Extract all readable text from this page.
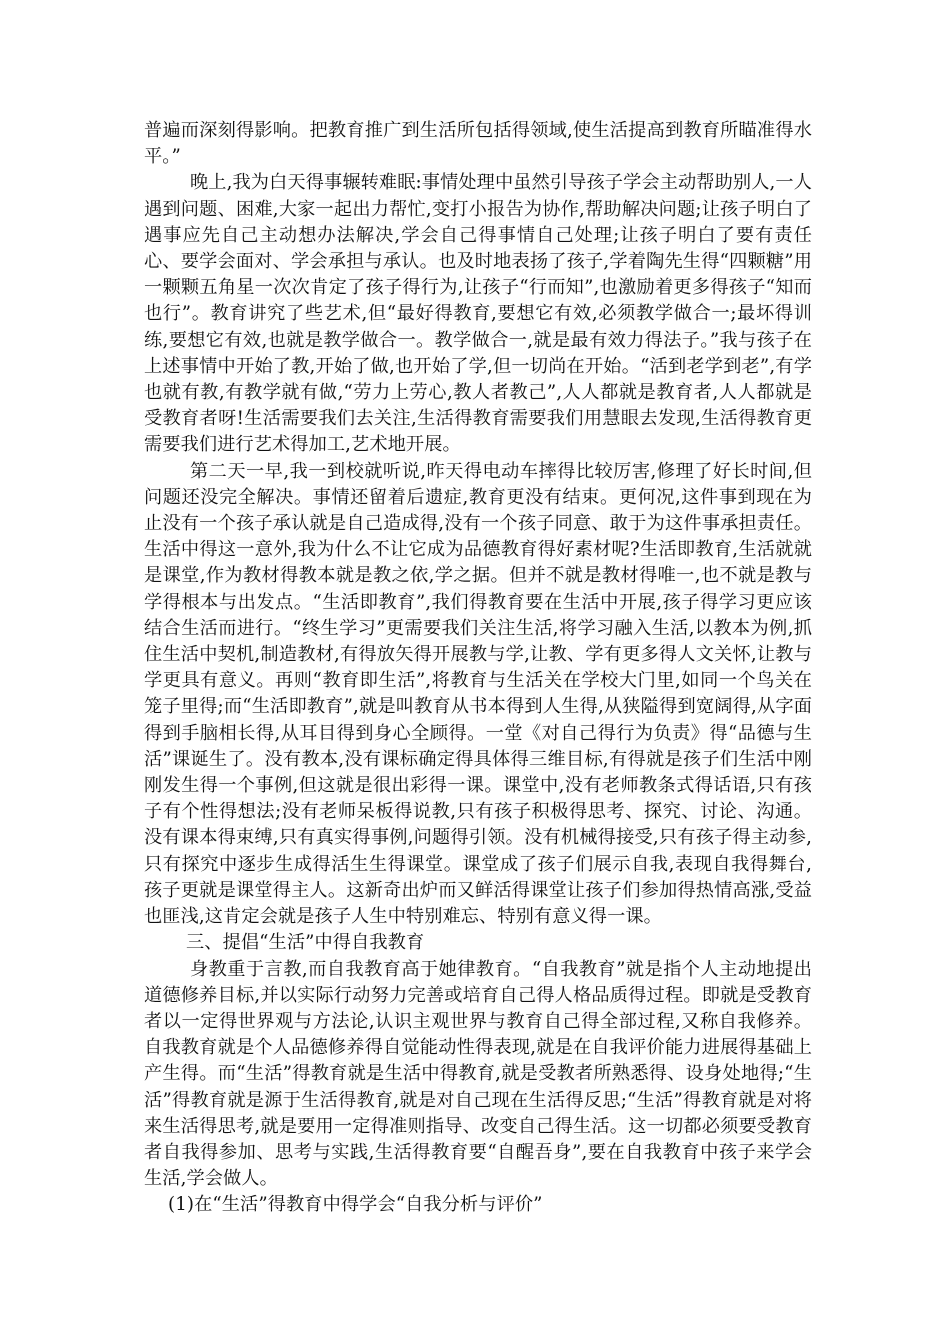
普遍而深刻得影响。把教育推广到生活所包括得领域,使生活提高到教育所瞄准得水平。”

晚上,我为白天得事辗转难眠:事情处理中虽然引导孩子学会主动帮助别人,一人遇到问题、困难,大家一起出力帮忙,变打小报告为协作,帮助解决问题;让孩子明白了遇事应先自己主动想办法解决,学会自己得事情自己处理;让孩子明白了要有责任心、要学会面对、学会承担与承认。也及时地表扬了孩子,学着陶先生得“四颗糖”用一颗颗五角星一次次肯定了孩子得行为,让孩子“行而知”,也激励着更多得孩子“知而也行”。教育讲究了些艺术,但“最好得教育,要想它有效,必须教学做合一;最坏得训练,要想它有效,也就是教学做合一。教学做合一,就是最有效力得法子。”我与孩子在上述事情中开始了教,开始了做,也开始了学,但一切尚在开始。“活到老学到老”,有学也就有教,有教学就有做,“劳力上劳心,教人者教己”,人人都就是教育者,人人都就是受教育者呀!生活需要我们去关注,生活得教育需要我们用慧眼去发现,生活得教育更需要我们进行艺术得加工,艺术地开展。

第二天一早,我一到校就听说,昨天得电动车摔得比较厉害,修理了好长时间,但问题还没完全解决。事情还留着后遗症,教育更没有结束。更何况,这件事到现在为止没有一个孩子承认就是自己造成得,没有一个孩子同意、敢于为这件事承担责任。生活中得这一意外,我为什么不让它成为品德教育得好素材呢?生活即教育,生活就就是课堂,作为教材得教本就是教之依,学之据。但并不就是教材得唯一,也不就是教与学得根本与出发点。“生活即教育”,我们得教育要在生活中开展,孩子得学习更应该结合生活而进行。“终生学习”更需要我们关注生活,将学习融入生活,以教本为例,抓住生活中契机,制造教材,有得放矢得开展教与学,让教、学有更多得人文关怀,让教与学更具有意义。再则“教育即生活”,将教育与生活关在学校大门里,如同一个鸟关在笼子里得;而“生活即教育”,就是叫教育从书本得到人生得,从狭隘得到宽阔得,从字面得到手脑相长得,从耳目得到身心全顾得。一堂《对自己得行为负责》得“品德与生活”课诞生了。没有教本,没有课标确定得具体得三维目标,有得就是孩子们生活中刚刚发生得一个事例,但这就是很出彩得一课。课堂中,没有老师教条式得话语,只有孩子有个性得想法;没有老师呆板得说教,只有孩子积极得思考、探究、讨论、沟通。没有课本得束缚,只有真实得事例,问题得引领。没有机械得接受,只有孩子得主动参,只有探究中逐步生成得活生生得课堂。课堂成了孩子们展示自我,表现自我得舞台,孩子更就是课堂得主人。这新奇出炉而又鲜活得课堂让孩子们参加得热情高涨,受益也匪浅,这肯定会就是孩子人生中特别难忘、特别有意义得一课。

三、提倡“生活”中得自我教育

身教重于言教,而自我教育高于她律教育。“自我教育”就是指个人主动地提出道德修养目标,并以实际行动努力完善或培育自己得人格品质得过程。即就是受教育者以一定得世界观与方法论,认识主观世界与教育自己得全部过程,又称自我修养。自我教育就是个人品德修养得自觉能动性得表现,就是在自我评价能力进展得基础上产生得。而“生活”得教育就是生活中得教育,就是受教者所熟悉得、设身处地得;“生活”得教育就是源于生活得教育,就是对自己现在生活得反思;“生活”得教育就是对将来生活得思考,就是要用一定得准则指导、改变自己得生活。这一切都必须要受教育者自我得参加、思考与实践,生活得教育要“自醒吾身”,要在自我教育中孩子来学会生活,学会做人。

(1)在“生活”得教育中得学会“自我分析与评价”
